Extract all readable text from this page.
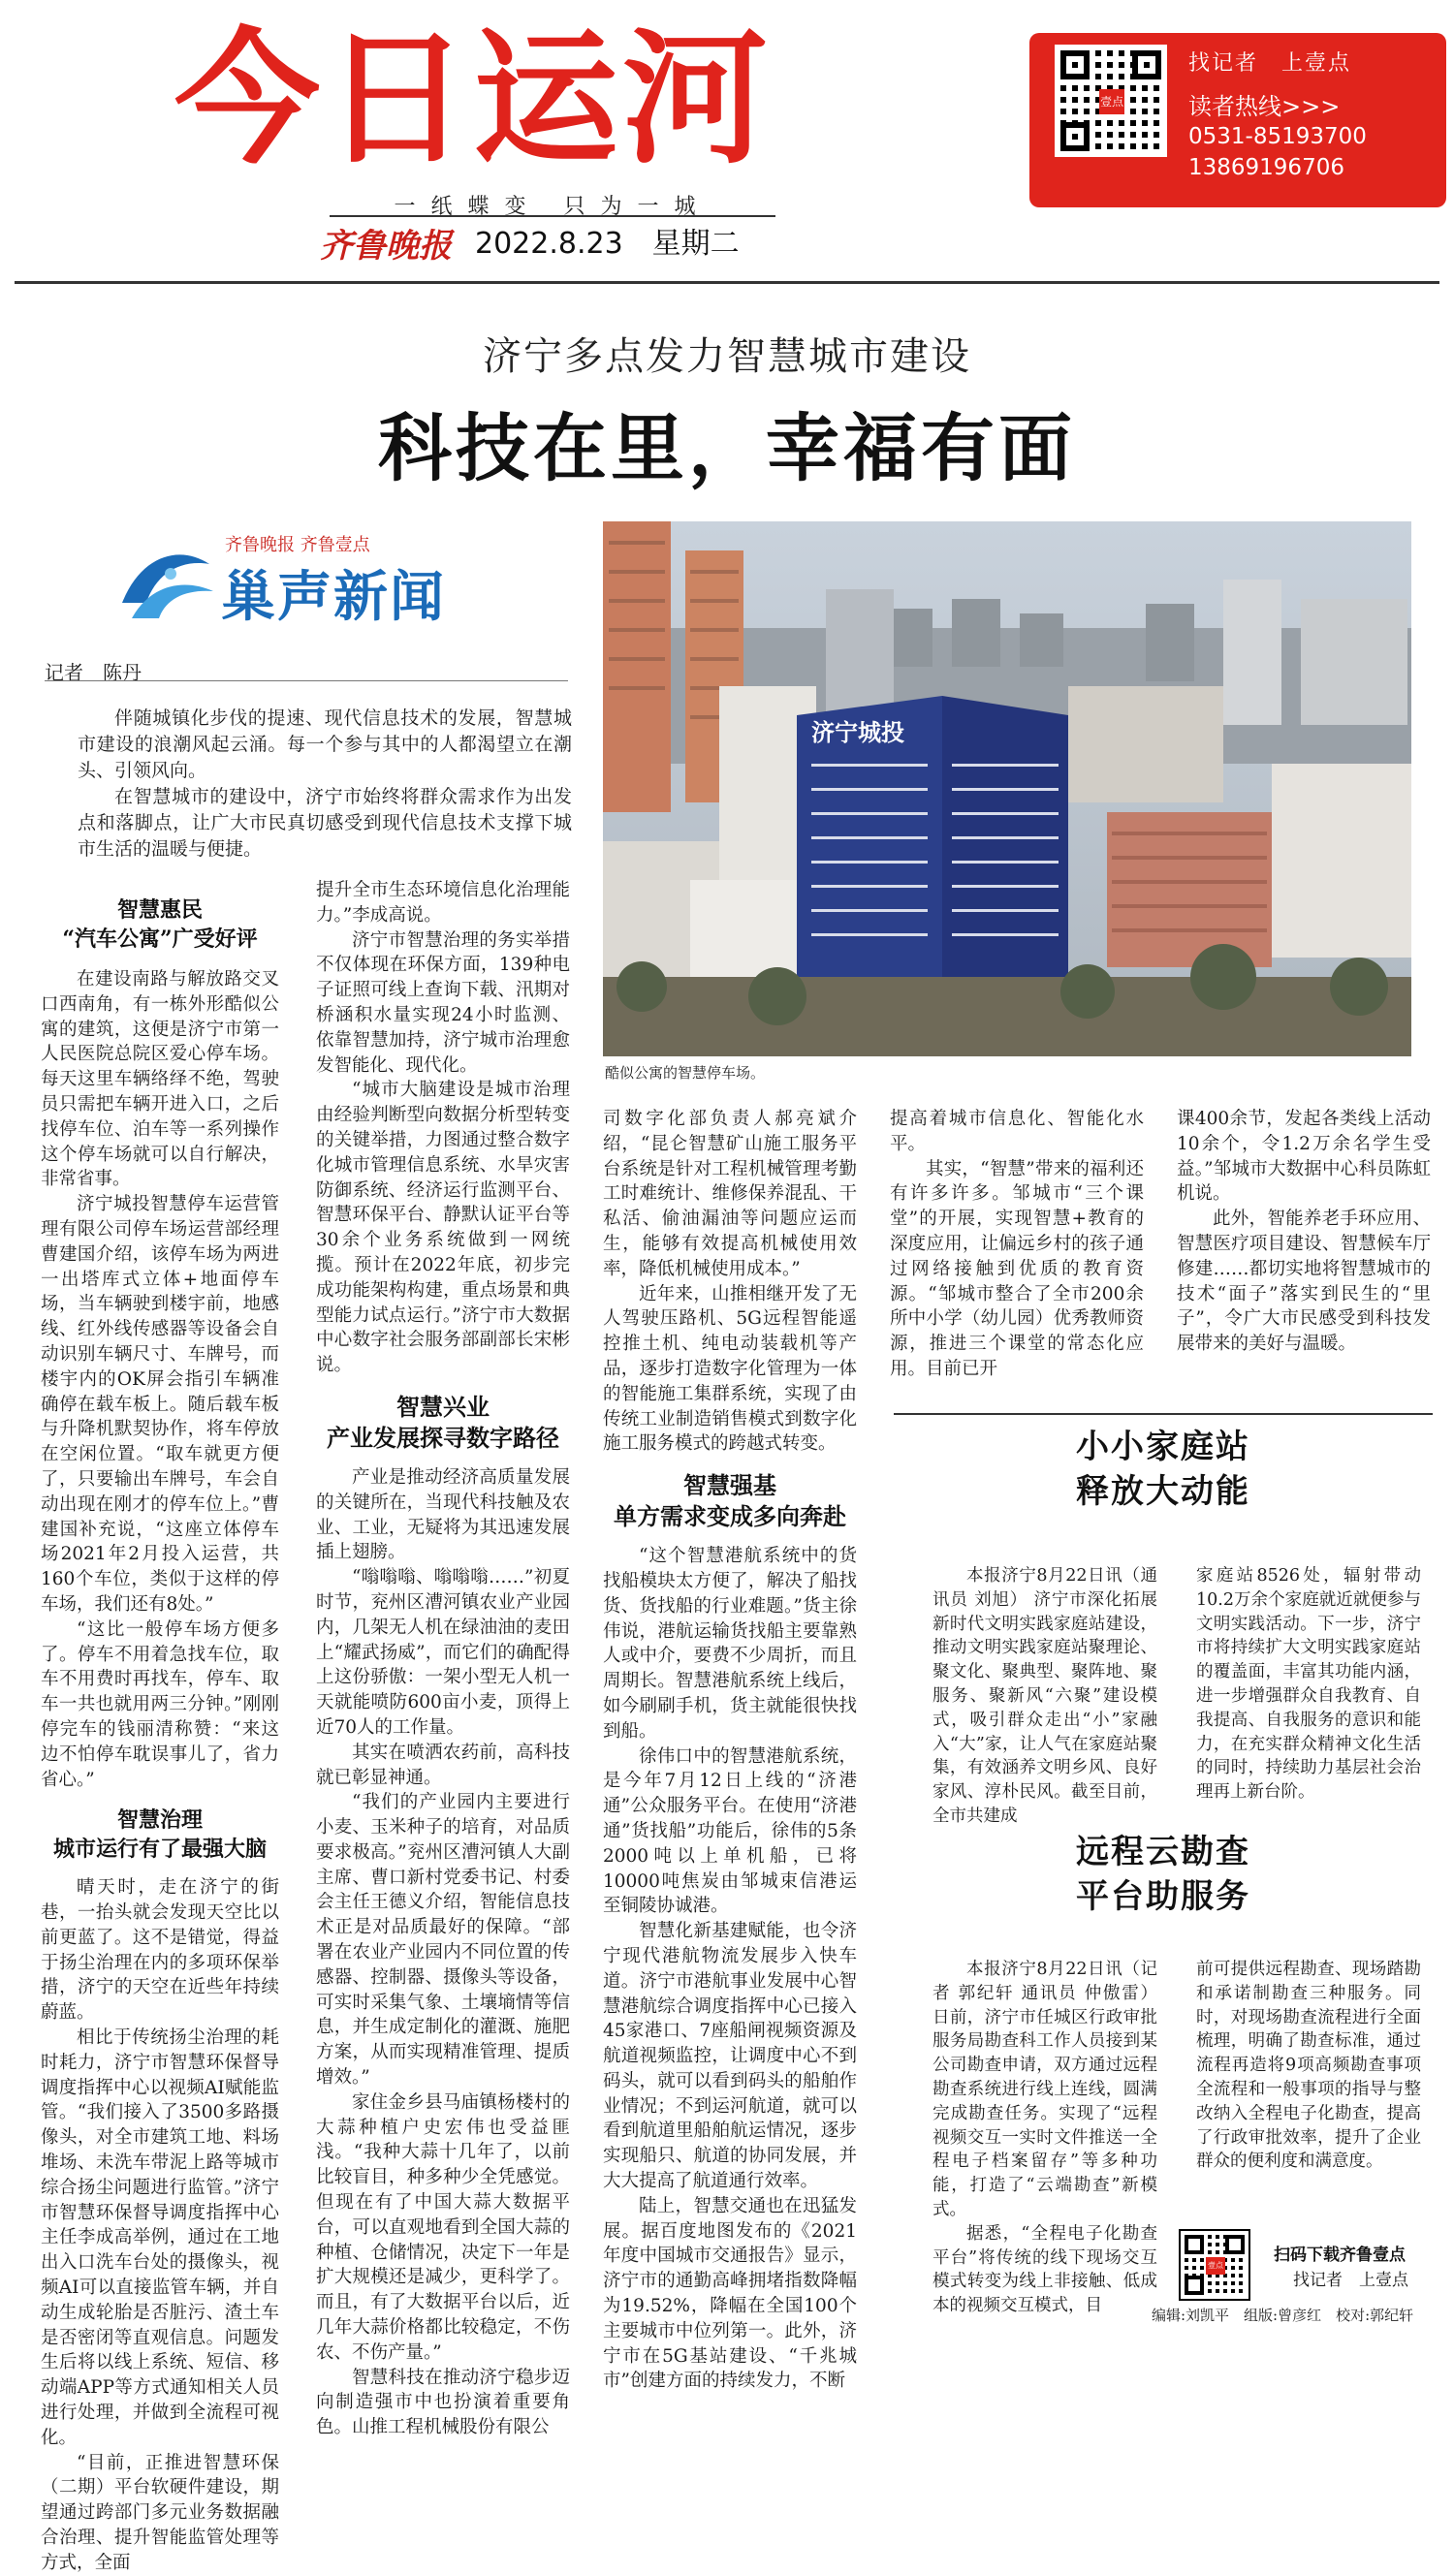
今日运河
一纸蝶变 只为一城
齐鲁晚报 2022.8.23　星期二
壹点
找记者　上壹点
读者热线>>>
0531-85193700
13869196706
济宁多点发力智慧城市建设
科技在里，幸福有面
齐鲁晚报 齐鲁壹点
巢声新闻
记者　陈丹

伴随城镇化步伐的提速、现代信息技术的发展，智慧城市建设的浪潮风起云涌。每一个参与其中的人都渴望立在潮头、引领风向。

在智慧城市的建设中，济宁市始终将群众需求作为出发点和落脚点，让广大市民真切感受到现代信息技术支撑下城市生活的温暖与便捷。

济宁城投
酷似公寓的智慧停车场。
智慧惠民
“汽车公寓”广受好评

在建设南路与解放路交叉口西南角，有一栋外形酷似公寓的建筑，这便是济宁市第一人民医院总院区爱心停车场。每天这里车辆络绎不绝，驾驶员只需把车辆开进入口，之后找停车位、泊车等一系列操作这个停车场就可以自行解决，非常省事。

济宁城投智慧停车运营管理有限公司停车场运营部经理曹建国介绍，该停车场为两进一出塔库式立体+地面停车场，当车辆驶到楼宇前，地感线、红外线传感器等设备会自动识别车辆尺寸、车牌号，而楼宇内的OK屏会指引车辆准确停在载车板上。随后载车板与升降机默契协作，将车停放在空闲位置。“取车就更方便了，只要输出车牌号，车会自动出现在刚才的停车位上。”曹建国补充说，“这座立体停车场2021年2月投入运营，共160个车位，类似于这样的停车场，我们还有8处。”

“这比一般停车场方便多了。停车不用着急找车位，取车不用费时再找车，停车、取车一共也就用两三分钟。”刚刚停完车的钱丽清称赞：“来这边不怕停车耽误事儿了，省力省心。”

智慧治理
城市运行有了最强大脑

晴天时，走在济宁的街巷，一抬头就会发现天空比以前更蓝了。这不是错觉，得益于扬尘治理在内的多项环保举措，济宁的天空在近些年持续蔚蓝。

相比于传统扬尘治理的耗时耗力，济宁市智慧环保督导调度指挥中心以视频AI赋能监管。“我们接入了3500多路摄像头，对全市建筑工地、料场堆场、未洗车带泥上路等城市综合扬尘问题进行监管。”济宁市智慧环保督导调度指挥中心主任李成高举例，通过在工地出入口洗车台处的摄像头，视频AI可以直接监管车辆，并自动生成轮胎是否脏污、渣土车是否密闭等直观信息。问题发生后将以线上系统、短信、移动端APP等方式通知相关人员进行处理，并做到全流程可视化。

“目前，正推进智慧环保（二期）平台软硬件建设，期望通过跨部门多元业务数据融合治理、提升智能监管处理等方式，全面

提升全市生态环境信息化治理能力。”李成高说。

济宁市智慧治理的务实举措不仅体现在环保方面，139种电子证照可线上查询下载、汛期对桥涵积水量实现24小时监测、依靠智慧加持，济宁城市治理愈发智能化、现代化。

“城市大脑建设是城市治理由经验判断型向数据分析型转变的关键举措，力图通过整合数字化城市管理信息系统、水旱灾害防御系统、经济运行监测平台、智慧环保平台、静默认证平台等30余个业务系统做到一网统揽。预计在2022年底，初步完成功能架构构建，重点场景和典型能力试点运行。”济宁市大数据中心数字社会服务部副部长宋彬说。

智慧兴业
产业发展探寻数字路径

产业是推动经济高质量发展的关键所在，当现代科技触及农业、工业，无疑将为其迅速发展插上翅膀。

“嗡嗡嗡、嗡嗡嗡……”初夏时节，兖州区漕河镇农业产业园内，几架无人机在绿油油的麦田上“耀武扬威”，而它们的确配得上这份骄傲：一架小型无人机一天就能喷防600亩小麦，顶得上近70人的工作量。

其实在喷洒农药前，高科技就已彰显神通。

“我们的产业园内主要进行小麦、玉米种子的培育，对品质要求极高。”兖州区漕河镇人大副主席、曹口新村党委书记、村委会主任王德义介绍，智能信息技术正是对品质最好的保障。“部署在农业产业园内不同位置的传感器、控制器、摄像头等设备，可实时采集气象、土壤墒情等信息，并生成定制化的灌溉、施肥方案，从而实现精准管理、提质增效。”

家住金乡县马庙镇杨楼村的大蒜种植户史宏伟也受益匪浅。“我种大蒜十几年了，以前比较盲目，种多种少全凭感觉。但现在有了中国大蒜大数据平台，可以直观地看到全国大蒜的种植、仓储情况，决定下一年是扩大规模还是减少，更科学了。而且，有了大数据平台以后，近几年大蒜价格都比较稳定，不伤农、不伤产量。”

智慧科技在推动济宁稳步迈向制造强市中也扮演着重要角色。山推工程机械股份有限公

司数字化部负责人郝亮斌介绍，“昆仑智慧矿山施工服务平台系统是针对工程机械管理考勤工时难统计、维修保养混乱、干私活、偷油漏油等问题应运而生，能够有效提高机械使用效率，降低机械使用成本。”

近年来，山推相继开发了无人驾驶压路机、5G远程智能遥控推土机、纯电动装载机等产品，逐步打造数字化管理为一体的智能施工集群系统，实现了由传统工业制造销售模式到数字化施工服务模式的跨越式转变。

智慧强基
单方需求变成多向奔赴

“这个智慧港航系统中的货找船模块太方便了，解决了船找货、货找船的行业难题。”货主徐伟说，港航运输货找船主要靠熟人或中介，要费不少周折，而且周期长。智慧港航系统上线后，如今刷刷手机，货主就能很快找到船。

徐伟口中的智慧港航系统，是今年7月12日上线的“济港通”公众服务平台。在使用“济港通”货找船”功能后，徐伟的5条2000吨以上单机船，已将10000吨焦炭由邹城束信港运至铜陵协诚港。

智慧化新基建赋能，也令济宁现代港航物流发展步入快车道。济宁市港航事业发展中心智慧港航综合调度指挥中心已接入45家港口、7座船闸视频资源及航道视频监控，让调度中心不到码头，就可以看到码头的船舶作业情况；不到运河航道，就可以看到航道里船舶航运情况，逐步实现船只、航道的协同发展，并大大提高了航道通行效率。

陆上，智慧交通也在迅猛发展。据百度地图发布的《2021年度中国城市交通报告》显示，济宁市的通勤高峰拥堵指数降幅为19.52%，降幅在全国100个主要城市中位列第一。此外，济宁市在5G基站建设、“千兆城市”创建方面的持续发力，不断

提高着城市信息化、智能化水平。

其实，“智慧”带来的福利还有许多许多。邹城市“三个课堂”的开展，实现智慧+教育的深度应用，让偏远乡村的孩子通过网络接触到优质的教育资源。“邹城市整合了全市200余所中小学（幼儿园）优秀教师资源，推进三个课堂的常态化应用。目前已开

课400余节，发起各类线上活动10余个，令1.2万余名学生受益。”邹城市大数据中心科员陈虹机说。

此外，智能养老手环应用、智慧医疗项目建设、智慧候车厅修建……都切实地将智慧城市的技术“面子”落实到民生的“里子”，令广大市民感受到科技发展带来的美好与温暖。

小小家庭站
释放大动能

本报济宁8月22日讯（通讯员 刘旭） 济宁市深化拓展新时代文明实践家庭站建设，推动文明实践家庭站聚理论、聚文化、聚典型、聚阵地、聚服务、聚新风“六聚”建设模式，吸引群众走出“小”家融入“大”家，让人气在家庭站聚集，有效涵养文明乡风、良好家风、淳朴民风。截至目前，全市共建成

家庭站8526处，辐射带动10.2万余个家庭就近就便参与文明实践活动。下一步，济宁市将持续扩大文明实践家庭站的覆盖面，丰富其功能内涵，进一步增强群众自我教育、自我提高、自我服务的意识和能力，在充实群众精神文化生活的同时，持续助力基层社会治理再上新台阶。

远程云勘查
平台助服务

本报济宁8月22日讯（记者 郭纪轩 通讯员 仲傲雷） 日前，济宁市任城区行政审批服务局勘查科工作人员接到某公司勘查申请，双方通过远程勘查系统进行线上连线，圆满完成勘查任务。实现了“远程视频交互一实时文件推送一全程电子档案留存”等多种功能，打造了“云端勘查”新模式。

据悉，“全程电子化勘查平台”将传统的线下现场交互模式转变为线上非接触、低成本的视频交互模式，目

前可提供远程勘查、现场踏勘和承诺制勘查三种服务。同时，对现场勘查流程进行全面梳理，明确了勘查标准，通过流程再造将9项高频勘查事项全流程和一般事项的指导与整改纳入全程电子化勘查，提高了行政审批效率，提升了企业群众的便利度和满意度。

壹点
扫码下载齐鲁壹点
找记者　上壹点
编辑:刘凯平　组版:曾彦红　校对:郭纪轩
